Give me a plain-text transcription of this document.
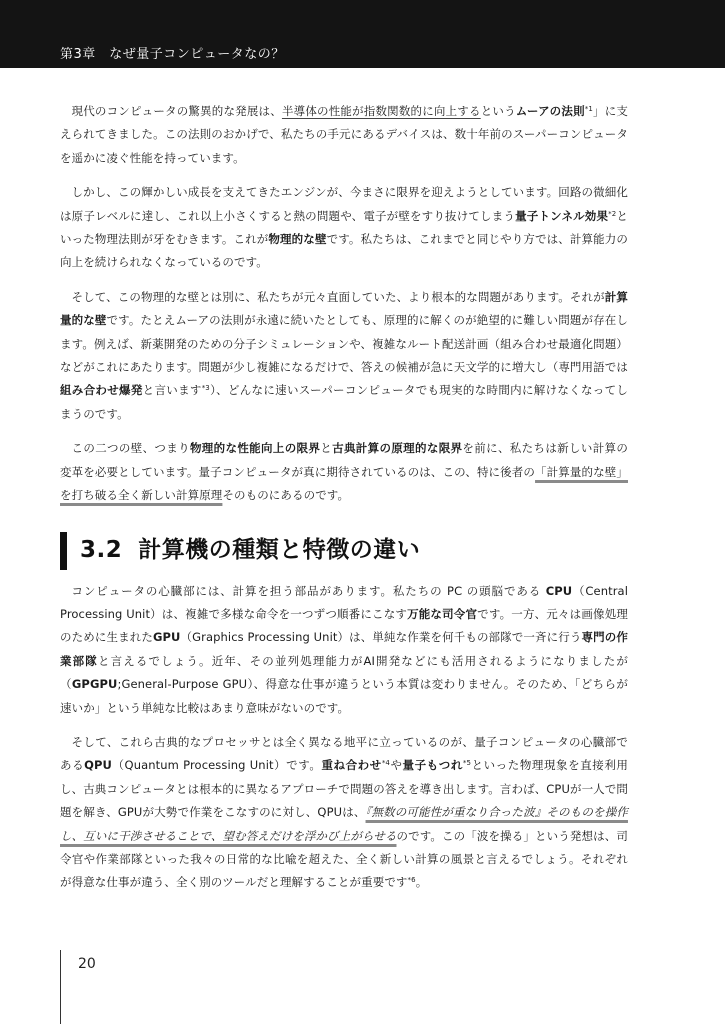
第3章　なぜ量子コンピュータなの？

現代のコンピュータの驚異的な発展は、半導体の性能が指数関数的に向上するというムーアの法則$^{*1}$」に支えられてきました。この法則のおかげで、私たちの手元にあるデバイスは、数十年前のスーパーコンピュータを遥かに凌ぐ性能を持っています。

しかし、この輝かしい成長を支えてきたエンジンが、今まさに限界を迎えようとしています。回路の微細化は原子レベルに達し、これ以上小さくすると熱の問題や、電子が壁をすり抜けてしまう量子トンネル効果$^{*2}$といった物理法則が牙をむきます。これが物理的な壁です。私たちは、これまでと同じやり方では、計算能力の向上を続けられなくなっているのです。

そして、この物理的な壁とは別に、私たちが元々直面していた、より根本的な問題があります。それが計算量的な壁です。たとえムーアの法則が永遠に続いたとしても、原理的に解くのが絶望的に難しい問題が存在します。例えば、新薬開発のための分子シミュレーションや、複雑なルート配送計画（組み合わせ最適化問題）などがこれにあたります。問題が少し複雑になるだけで、答えの候補が急に天文学的に増大し（専門用語では組み合わせ爆発と言います$^{*3}$）、どんなに速いスーパーコンピュータでも現実的な時間内に解けなくなってしまうのです。

この二つの壁、つまり物理的な性能向上の限界と古典計算の原理的な限界を前に、私たちは新しい計算の変革を必要としています。量子コンピュータが真に期待されているのは、この、特に後者の「計算量的な壁」を打ち破る全く新しい計算原理そのものにあるのです。

3.2 計算機の種類と特徴の違い

コンピュータの心臓部には、計算を担う部品があります。私たちの PC の頭脳である CPU（Central Processing Unit）は、複雑で多様な命令を一つずつ順番にこなす万能な司令官です。一方、元々は画像処理のために生まれたGPU（Graphics Processing Unit）は、単純な作業を何千もの部隊で一斉に行う専門の作業部隊と言えるでしょう。近年、その並列処理能力がAI開発などにも活用されるようになりましたが（GPGPU;General-Purpose GPU）、得意な仕事が違うという本質は変わりません。そのため、「どちらが速いか」という単純な比較はあまり意味がないのです。

そして、これら古典的なプロセッサとは全く異なる地平に立っているのが、量子コンピュータの心臓部であるQPU（Quantum Processing Unit）です。重ね合わせ$^{*4}$や量子もつれ$^{*5}$といった物理現象を直接利用し、古典コンピュータとは根本的に異なるアプローチで問題の答えを導き出します。言わば、CPUが一人で問題を解き、GPUが大勢で作業をこなすのに対し、QPUは、『無数の可能性が重なり合った波』そのものを操作し、互いに干渉させることで、望む答えだけを浮かび上がらせるのです。この「波を操る」という発想は、司令官や作業部隊といった我々の日常的な比喩を超えた、全く新しい計算の風景と言えるでしょう。それぞれが得意な仕事が違う、全く別のツールだと理解することが重要です$^{*6}$。

20
